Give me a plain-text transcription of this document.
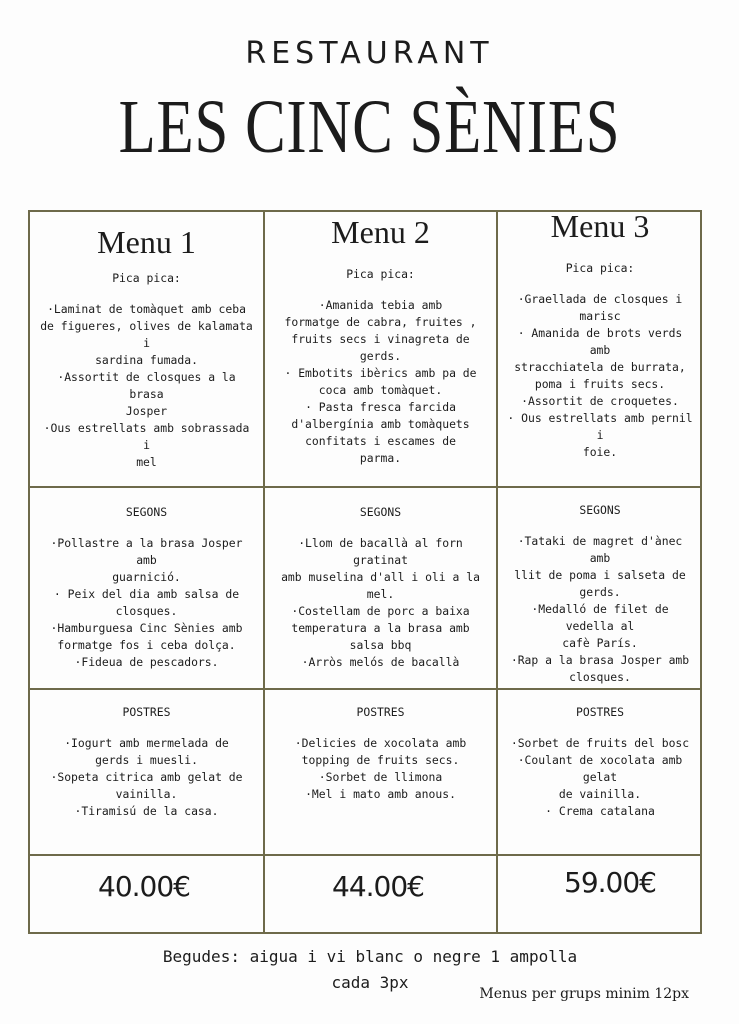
RESTAURANT
LES CINC SÈNIES
Menu 1
Pica pica:
·Laminat de tomàquet amb ceba
de figueres, olives de kalamata i
sardina fumada.
·Assortit de closques a la brasa
Josper
·Ous estrellats amb sobrassada i
mel
SEGONS
·Pollastre a la brasa Josper amb
guarnició.
· Peix del dia amb salsa de
closques.
·Hamburguesa Cinc Sènies amb
formatge fos i ceba dolça.
·Fideua de pescadors.
POSTRES
·Iogurt amb mermelada de
gerds i muesli.
·Sopeta citrica amb gelat de
vainilla.
·Tiramisú de la casa.
Menu 2
Pica pica:
·Amanida tebia amb
formatge de cabra, fruites ,
fruits secs i vinagreta de
gerds.
· Embotits ibèrics amb pa de
coca amb tomàquet.
· Pasta fresca farcida
d'albergínia amb tomàquets
confitats i escames de
parma.
SEGONS
·Llom de bacallà al forn gratinat
amb muselina d'all i oli a la mel.
·Costellam de porc a baixa
temperatura a la brasa amb
salsa bbq
·Arròs melós de bacallà
POSTRES
·Delicies de xocolata amb
topping de fruits secs.
·Sorbet de llimona
·Mel i mato amb anous.
Menu 3
Pica pica:
·Graellada de closques i
marisc
· Amanida de brots verds amb
stracchiatela de burrata,
poma i fruits secs.
·Assortit de croquetes.
· Ous estrellats amb pernil i
foie.
SEGONS
·Tataki de magret d'ànec amb
llit de poma i salseta de gerds.
·Medalló de filet de vedella al
cafè París.
·Rap a la brasa Josper amb
closques.
POSTRES
·Sorbet de fruits del bosc
·Coulant de xocolata amb gelat
de vainilla.
· Crema catalana
40.00€	44.00€	59.00€
Begudes: aigua i vi blanc o negre 1 ampolla
cada 3px
Menus per grups minim 12px
